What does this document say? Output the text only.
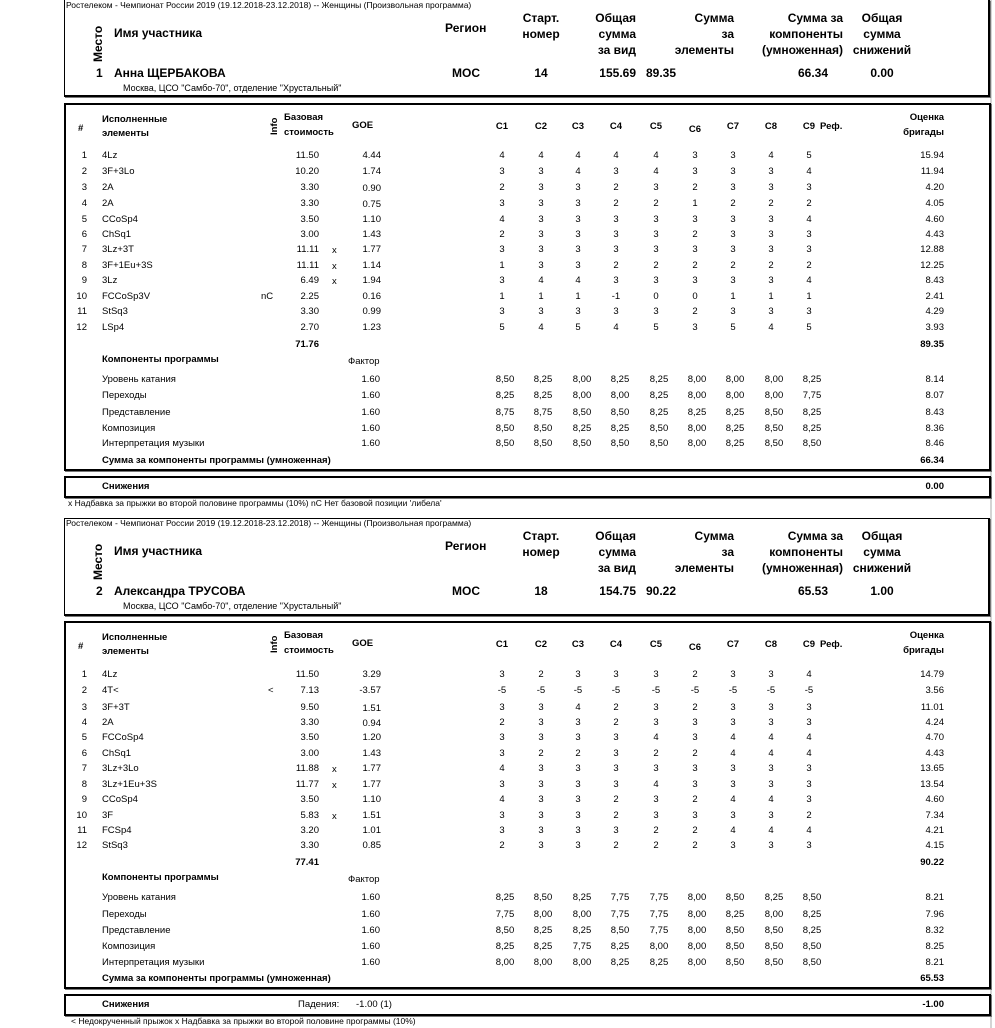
Ростелеком - Чемпионат России 2019 (19.12.2018-23.12.2018) -- Женщины (Произвольная программа)
Место Имя участника	Регион
Старт.
номер
Общая
сумма
за вид
Сумма
за
элементы
Сумма за
компоненты
(умноженная)
Общая
сумма
снижений
1 Анна ЩЕРБАКОВА
Москва, ЦСО "Самбо-70", отделение "Хрустальный"
МОС	14	155.69 89.35	66.34	0.00
#
Исполненные
элементы	Info
Базовая
стоимость
GOE	C1	C2	C3	C4	C5	C6	C7	C8	C9 Реф.
Оценка
бригады
1 4Lz	11.50	4.44	4	4	4	4	4	3	3	4	5	15.94
2 3F+3Lo	10.20	1.74	3	3	4	3	4	3	3	3	4	11.94
3 2A	3.30	0.90	2	3	3	2	3	2	3	3	3	4.20
4 2A	3.30	0.75	3	3	3	2	2	1	2	2	2	4.05
5 CCoSp4	3.50	1.10	4	3	3	3	3	3	3	3	4	4.60
6 ChSq1	3.00	1.43	2	3	3	3	3	2	3	3	3	4.43
7 3Lz+3T	11.11 x	1.77	3	3	3	3	3	3	3	3	3	12.88
8 3F+1Eu+3S	11.11 x	1.14	1	3	3	2	2	2	2	2	2	12.25
9 3Lz	6.49 x	1.94	3	4	4	3	3	3	3	3	4	8.43
10 FCCoSp3V	nC	2.25	0.16	1	1	1	-1	0	0	1	1	1	2.41
11 StSq3	3.30	0.99	3	3	3	3	3	2	3	3	3	4.29
12 LSp4	2.70	1.23	5	4	5	4	5	3	5	4	5	3.93
71.76	89.35
Компоненты программы	Фактор
Уровень катания	1.60	8,50	8,25	8,00	8,25	8,25	8,00	8,00	8,00	8,25	8.14
Переходы	1.60	8,25	8,25	8,00	8,00	8,25	8,00	8,00	8,00	7,75	8.07
Представление	1.60	8,75	8,75	8,50	8,50	8,25	8,25	8,25	8,50	8,25	8.43
Композиция	1.60	8,50	8,50	8,25	8,25	8,50	8,00	8,25	8,50	8,25	8.36
Интерпретация музыки	1.60	8,50	8,50	8,50	8,50	8,50	8,00	8,25	8,50	8,50	8.46
Сумма за компоненты программы (умноженная)	66.34
Снижения	0.00
x Надбавка за прыжки во второй половине программы (10%) nC Нет базовой позиции 'либела'
Ростелеком - Чемпионат России 2019 (19.12.2018-23.12.2018) -- Женщины (Произвольная программа)
Место Имя участника	Регион
Старт.
номер
Общая
сумма
за вид
Сумма
за
элементы
Сумма за
компоненты
(умноженная)
Общая
сумма
снижений
2 Александра ТРУСОВА
Москва, ЦСО "Самбо-70", отделение "Хрустальный"
МОС	18	154.75 90.22	65.53	1.00
#
Исполненные
элементы	Info
Базовая
стоимость
GOE	C1	C2	C3	C4	C5	C6	C7	C8	C9 Реф.
Оценка
бригады
1 4Lz	11.50	3.29	3	2	3	3	3	2	3	3	4	14.79
2 4T<	<	7.13	-3.57	-5	-5	-5	-5	-5	-5	-5	-5	-5	3.56
3 3F+3T	9.50	1.51	3	3	4	2	3	2	3	3	3	11.01
4 2A	3.30	0.94	2	3	3	2	3	3	3	3	3	4.24
5 FCCoSp4	3.50	1.20	3	3	3	3	4	3	4	4	4	4.70
6 ChSq1	3.00	1.43	3	2	2	3	2	2	4	4	4	4.43
7 3Lz+3Lo	11.88 x	1.77	4	3	3	3	3	3	3	3	3	13.65
8 3Lz+1Eu+3S	11.77 x	1.77	3	3	3	3	4	3	3	3	3	13.54
9 CCoSp4	3.50	1.10	4	3	3	2	3	2	4	4	3	4.60
10 3F	5.83 x	1.51	3	3	3	2	3	3	3	3	2	7.34
11 FCSp4	3.20	1.01	3	3	3	3	2	2	4	4	4	4.21
12 StSq3	3.30	0.85	2	3	3	2	2	2	3	3	3	4.15
77.41	90.22
Компоненты программы	Фактор
Уровень катания	1.60	8,25	8,50	8,25	7,75	7,75	8,00	8,50	8,25	8,50	8.21
Переходы	1.60	7,75	8,00	8,00	7,75	7,75	8,00	8,25	8,00	8,25	7.96
Представление	1.60	8,50	8,25	8,25	8,50	7,75	8,00	8,50	8,50	8,25	8.32
Композиция	1.60	8,25	8,25	7,75	8,25	8,00	8,00	8,50	8,50	8,50	8.25
Интерпретация музыки	1.60	8,00	8,00	8,00	8,25	8,25	8,00	8,50	8,50	8,50	8.21
Сумма за компоненты программы (умноженная)	65.53
Снижения	Падения: -1.00 (1)	-1.00
< Недокрученный прыжок x Надбавка за прыжки во второй половине программы (10%)
